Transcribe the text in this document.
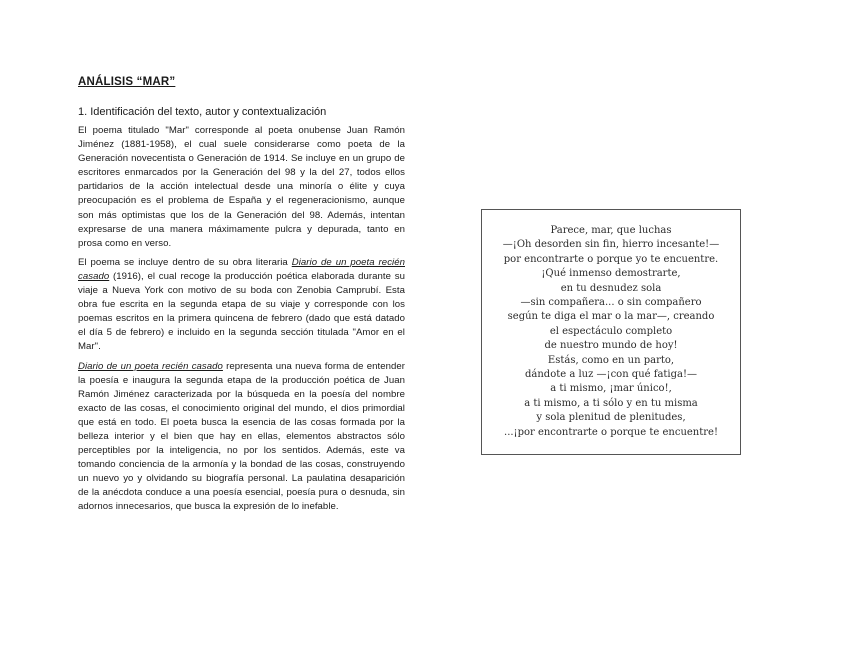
ANÁLISIS “MAR”
1. Identificación del texto, autor y contextualización

El poema titulado "Mar" corresponde al poeta onubense Juan Ramón Jiménez (1881-1958), el cual suele considerarse como poeta de la Generación novecentista o Generación de 1914. Se incluye en un grupo de escritores enmarcados por la Generación del 98 y la del 27, todos ellos partidarios de la acción intelectual desde una minoría o élite y cuya preocupación es el problema de España y el regeneracionismo, aunque son más optimistas que los de la Generación del 98. Además, intentan expresarse de una manera máximamente pulcra y depurada, tanto en prosa como en verso.

El poema se incluye dentro de su obra literaria Diario de un poeta recién casado (1916), el cual recoge la producción poética elaborada durante su viaje a Nueva York con motivo de su boda con Zenobia Camprubí. Esta obra fue escrita en la segunda etapa de su viaje y corresponde con los poemas escritos en la primera quincena de febrero (dado que está datado el día 5 de febrero) e incluido en la segunda sección titulada "Amor en el Mar".

Diario de un poeta recién casado representa una nueva forma de entender la poesía e inaugura la segunda etapa de la producción poética de Juan Ramón Jiménez caracterizada por la búsqueda en la poesía del nombre exacto de las cosas, el conocimiento original del mundo, el dios primordial que está en todo. El poeta busca la esencia de las cosas formada por la belleza interior y el bien que hay en ellas, elementos abstractos sólo perceptibles por la inteligencia, no por los sentidos. Además, este va tomando conciencia de la armonía y la bondad de las cosas, construyendo un nuevo yo y olvidando su biografía personal. La paulatina desaparición de la anécdota conduce a una poesía esencial, poesía pura o desnuda, sin adornos innecesarios, que busca la expresión de lo inefable.

Parece, mar, que luchas
—¡Oh desorden sin fin, hierro incesante!—
por encontrarte o porque yo te encuentre.
¡Qué inmenso demostrarte,
en tu desnudez sola
—sin compañera... o sin compañero
según te diga el mar o la mar—, creando
el espectáculo completo
de nuestro mundo de hoy!
Estás, como en un parto,
dándote a luz —¡con qué fatiga!—
a ti mismo, ¡mar único!,
a ti mismo, a ti sólo y en tu misma
y sola plenitud de plenitudes,
...¡por encontrarte o porque te encuentre!
